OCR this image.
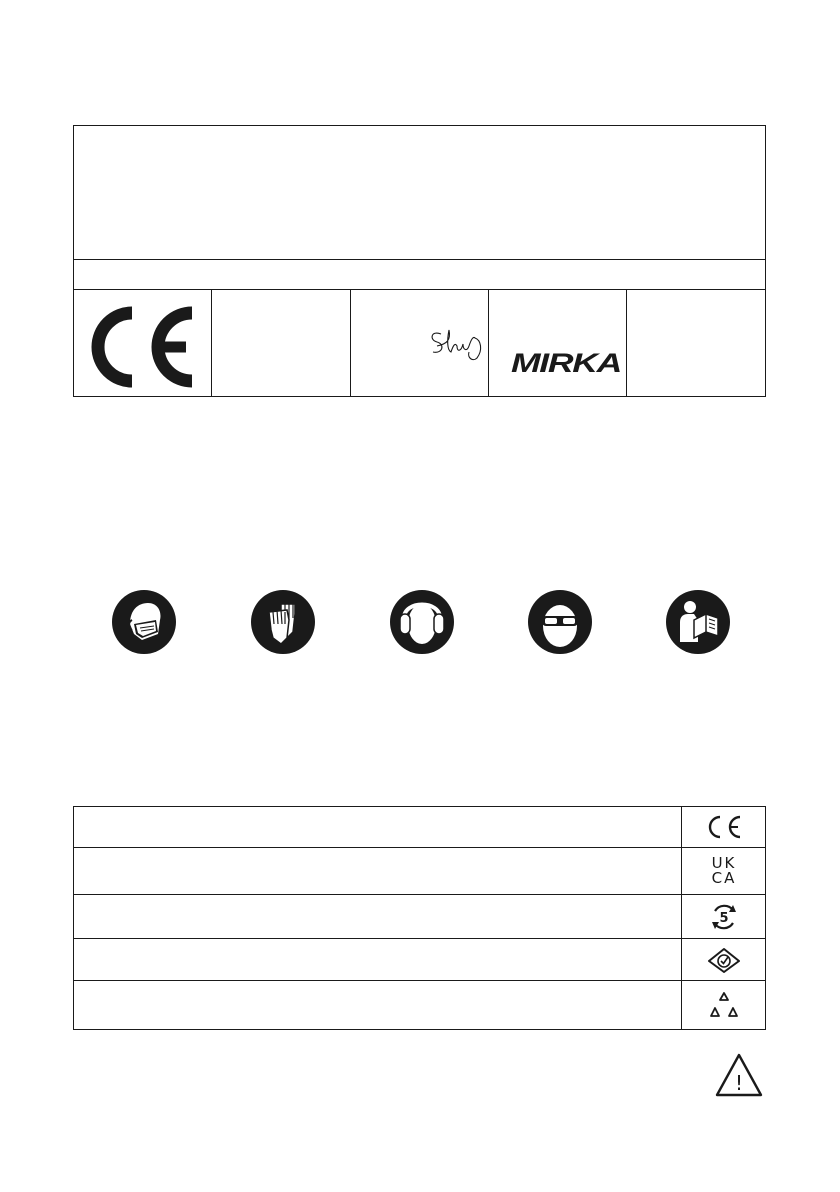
MIRKA
UK
CA
5
!
